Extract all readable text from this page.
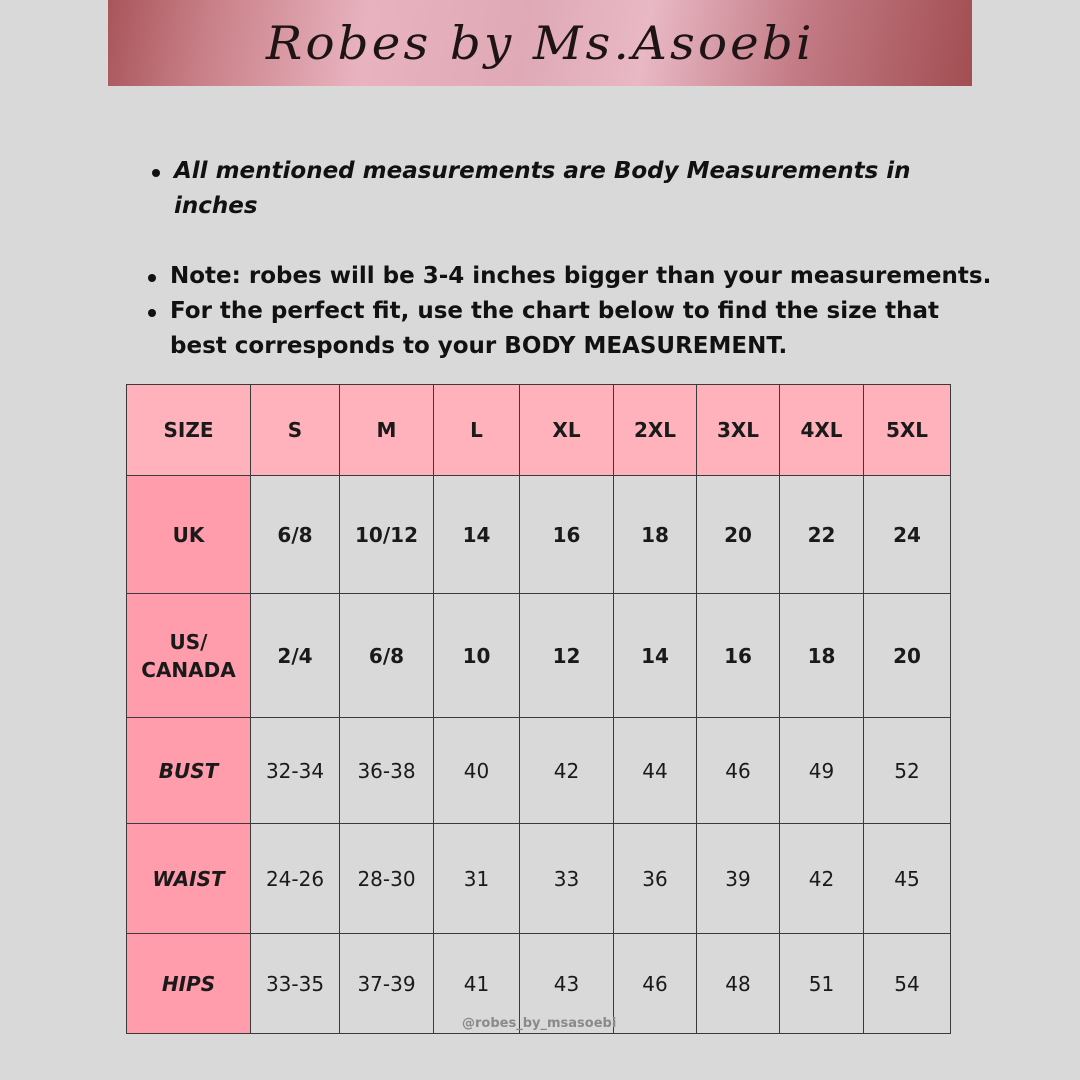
Robes by Ms.Asoebi
All mentioned measurements are Body Measurements in inches
Note: robes will be 3-4 inches bigger than your measurements.
For the perfect fit, use the chart below to find the size that best corresponds to your BODY MEASUREMENT.
SIZE	S	M	L	XL	2XL	3XL	4XL	5XL
UK	6/8	10/12	14	16	18	20	22	24
US/ CANADA	2/4	6/8	10	12	14	16	18	20
BUST	32-34	36-38	40	42	44	46	49	52
WAIST	24-26	28-30	31	33	36	39	42	45
HIPS	33-35	37-39	41	43	46	48	51	54
@robes_by_msasoebi
